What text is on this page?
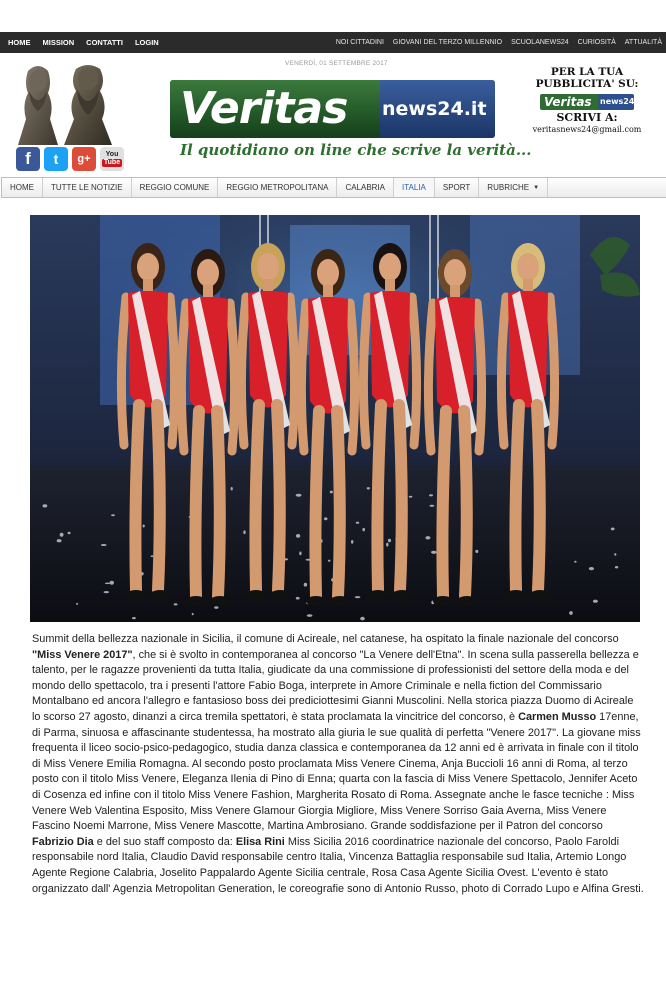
HOME MISSION CONTATTI LOGIN	NOI CITTADINI GIOVANI DEL TERZO MILLENNIO SCUOLANEWS24 CURIOSITÀ ATTUALITÀ
f t g+ You
Tube
VENERDÌ, 01 SETTEMBRE 2017
Veritas news24.it
Il quotidiano on line che scrive la verità...
PER LA TUA PUBBLICITA' SU:
Veritas news24.it
SCRIVI A:
veritasnews24@gmail.com
HOME	TUTTE LE NOTIZIE	REGGIO COMUNE	REGGIO METROPOLITANA	CALABRIA	ITALIA	SPORT	RUBRICHE ▼

Summit della bellezza nazionale in Sicilia, il comune di Acireale, nel catanese, ha ospitato la finale nazionale del concorso "Miss Venere 2017", che si è svolto in contemporanea al concorso "La Venere dell'Etna". In scena sulla passerella bellezza e talento, per le ragazze provenienti da tutta Italia, giudicate da una commissione di professionisti del settore della moda e del mondo dello spettacolo, tra i presenti l'attore Fabio Boga, interprete in Amore Criminale e nella fiction del Commissario Montalbano ed ancora l'allegro e fantasioso boss dei prediciottesimi Gianni Muscolini. Nella storica piazza Duomo di Acireale lo scorso 27 agosto, dinanzi a circa tremila spettatori, è stata proclamata la vincitrice del concorso, è Carmen Musso 17enne, di Parma, sinuosa e affascinante studentessa, ha mostrato alla giuria le sue qualità di perfetta "Venere 2017". La giovane miss frequenta il liceo socio-psico-pedagogico, studia danza classica e contemporanea da 12 anni ed è arrivata in finale con il titolo di Miss Venere Emilia Romagna. Al secondo posto proclamata Miss Venere Cinema, Anja Buccioli 16 anni di Roma, al terzo posto con il titolo Miss Venere, Eleganza Ilenia di Pino di Enna; quarta con la fascia di Miss Venere Spettacolo, Jennifer Aceto di Cosenza ed infine con il titolo Miss Venere Fashion, Margherita Rosato di Roma. Assegnate anche le fasce tecniche : Miss Venere Web Valentina Esposito, Miss Venere Glamour Giorgia Migliore, Miss Venere Sorriso Gaia Averna, Miss Venere Fascino Noemi Marrone, Miss Venere Mascotte, Martina Ambrosiano. Grande soddisfazione per il Patron del concorso Fabrizio Dia e del suo staff composto da: Elisa Rini Miss Sicilia 2016 coordinatrice nazionale del concorso, Paolo Faroldi responsabile nord Italia, Claudio David responsabile centro Italia, Vincenza Battaglia responsabile sud Italia, Artemio Longo Agente Regione Calabria, Joselito Pappalardo Agente Sicilia centrale, Rosa Casa Agente Sicilia Ovest. L'evento è stato organizzato dall' Agenzia Metropolitan Generation, le coreografie sono di Antonio Russo, photo di Corrado Lupo e Alfina Gresti.
